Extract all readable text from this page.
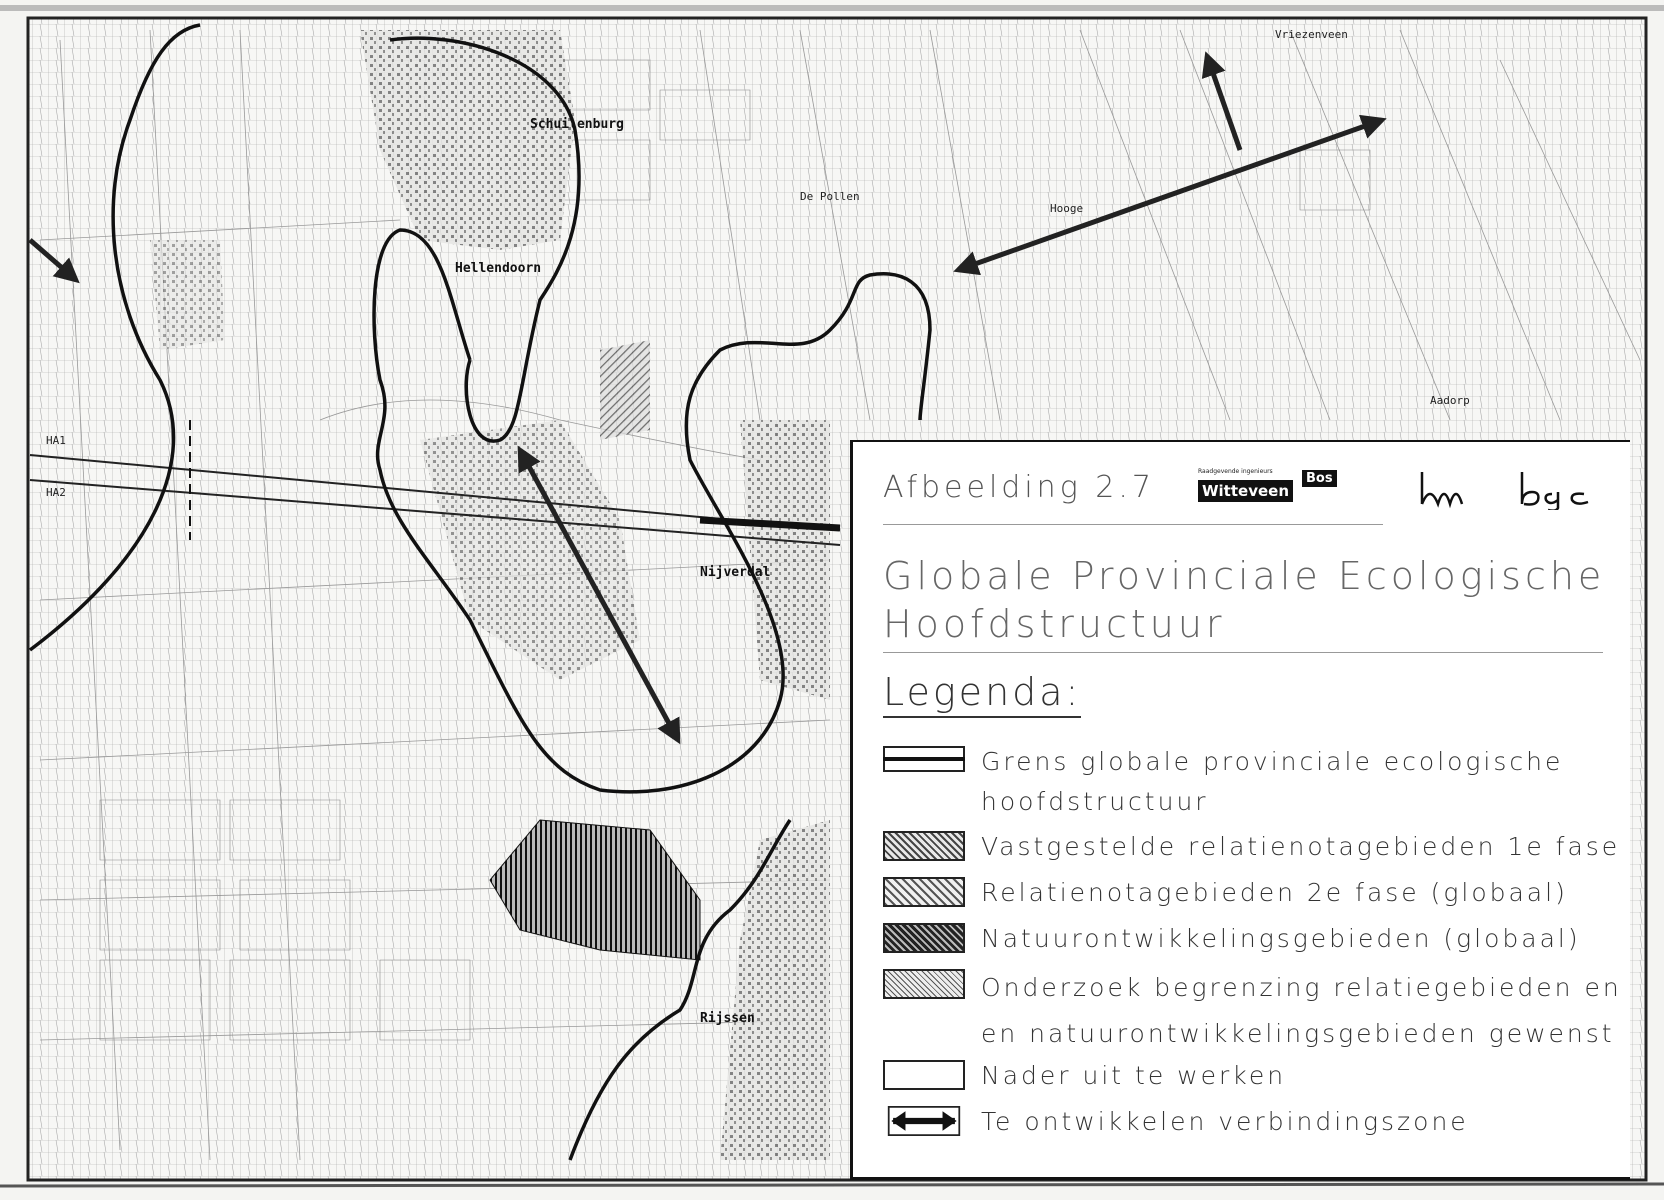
Vriezenveen
Schuilenburg
Hellendoorn
Nijverdal
Rijssen
Aadorp
Hooge
De Pollen
HA1
HA2	Afbeelding 2.7	Raadgevende ingenieurs
Witteveen
Bos
Globale Provinciale Ecologische
Hoofdstructuur
Legenda:
Grens globale provinciale ecologische
hoofdstructuur
Vastgestelde relatienotagebieden 1e fase
Relatienotagebieden 2e fase (globaal)
Natuurontwikkelingsgebieden (globaal)
Onderzoek begrenzing relatiegebieden en
en natuurontwikkelingsgebieden gewenst
Nader uit te werken
Te ontwikkelen verbindingszone
